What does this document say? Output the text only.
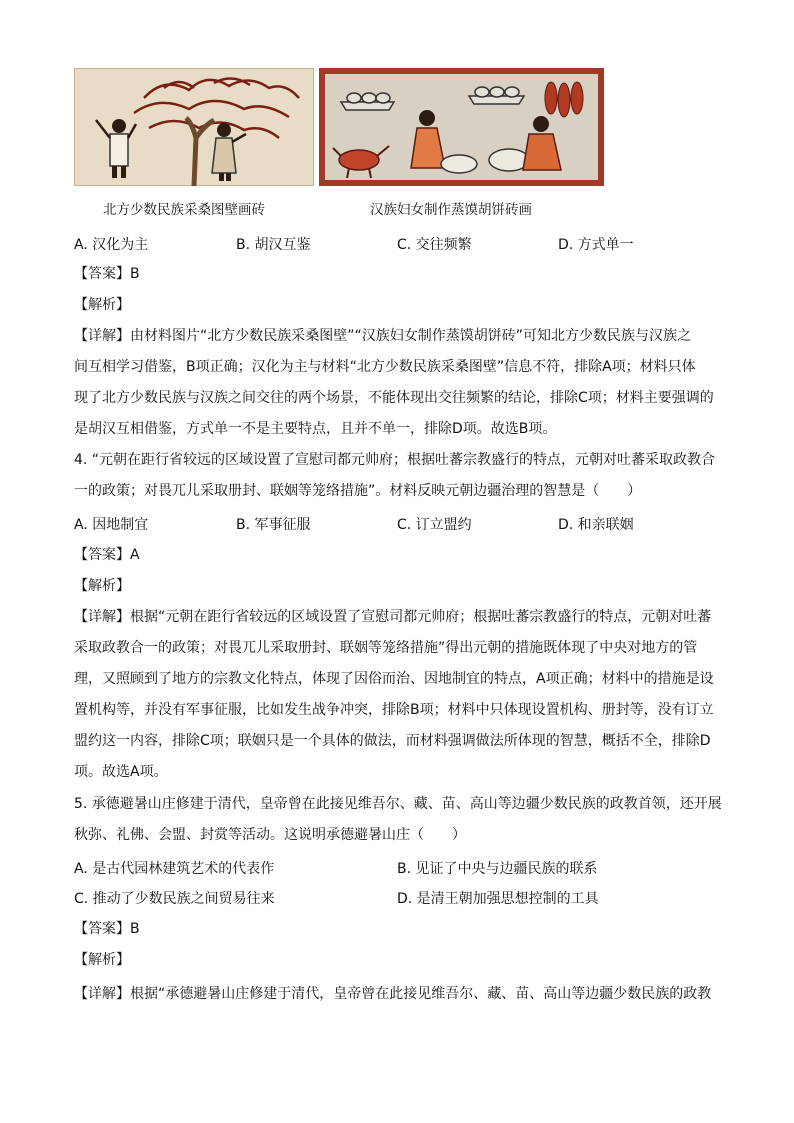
北方少数民族采桑图壁画砖	汉族妇女制作蒸馍胡饼砖画
A. 汉化为主	B. 胡汉互鉴	C. 交往频繁	D. 方式单一
【答案】B
【解析】
【详解】由材料图片“北方少数民族采桑图壁”“汉族妇女制作蒸馍胡饼砖”可知北方少数民族与汉族之
间互相学习借鉴，B项正确；汉化为主与材料“北方少数民族采桑图壁”信息不符，排除A项；材料只体
现了北方少数民族与汉族之间交往的两个场景，不能体现出交往频繁的结论，排除C项；材料主要强调的
是胡汉互相借鉴，方式单一不是主要特点，且并不单一，排除D项。故选B项。
4. “元朝在距行省较远的区域设置了宣慰司都元帅府；根据吐蕃宗教盛行的特点，元朝对吐蕃采取政教合
一的政策；对畏兀儿采取册封、联姻等笼络措施”。材料反映元朝边疆治理的智慧是（　　）
A. 因地制宜	B. 军事征服	C. 订立盟约	D. 和亲联姻
【答案】A
【解析】
【详解】根据“元朝在距行省较远的区域设置了宣慰司都元帅府；根据吐蕃宗教盛行的特点，元朝对吐蕃
采取政教合一的政策；对畏兀儿采取册封、联姻等笼络措施”得出元朝的措施既体现了中央对地方的管
理，又照顾到了地方的宗教文化特点，体现了因俗而治、因地制宜的特点，A项正确；材料中的措施是设
置机构等，并没有军事征服，比如发生战争冲突，排除B项；材料中只体现设置机构、册封等，没有订立
盟约这一内容，排除C项；联姻只是一个具体的做法，而材料强调做法所体现的智慧，概括不全，排除D
项。故选A项。
5. 承德避暑山庄修建于清代，皇帝曾在此接见维吾尔、藏、苗、高山等边疆少数民族的政教首领，还开展
秋弥、礼佛、会盟、封赏等活动。这说明承德避暑山庄（　　）
A. 是古代园林建筑艺术的代表作	B. 见证了中央与边疆民族的联系
C. 推动了少数民族之间贸易往来	D. 是清王朝加强思想控制的工具
【答案】B
【解析】
【详解】根据“承德避暑山庄修建于清代，皇帝曾在此接见维吾尔、藏、苗、高山等边疆少数民族的政教
